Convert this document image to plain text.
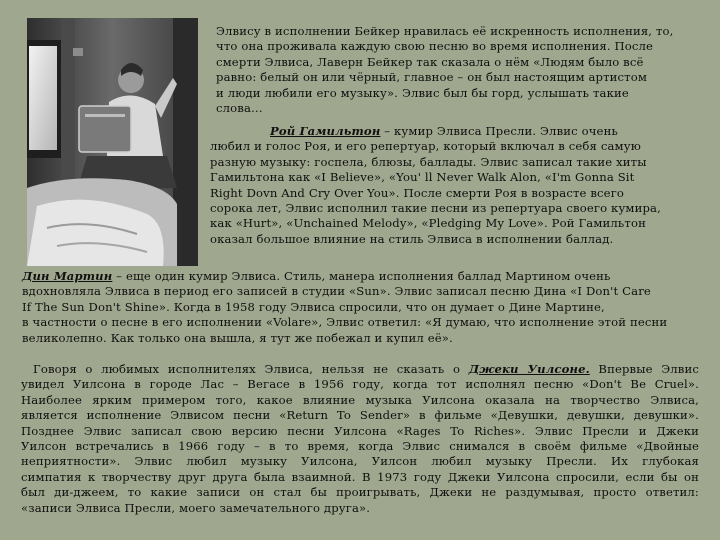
Элвису в исполнении Бейкер нравилась её искренность исполнения, то,
что она проживала каждую свою песню во время исполнения. После
смерти Элвиса, Лаверн Бейкер так сказала о нём «Людям было всё
равно: белый он или чёрный, главное – он был настоящим артистом
и люди любили его музыку». Элвис был бы горд, услышать такие
слова…
Рой Гамильтон – кумир Элвиса Пресли. Элвис очень
любил и голос Роя, и его репертуар, который включал в себя самую
разную музыку: госпела, блюзы, баллады. Элвис записал такие хиты
Гамильтона как «I Believe», «You' ll Never Walk Alon, «I'm Gonna Sit
Right Dovn And Cry Over You». После смерти Роя в возрасте всего
сорока лет, Элвис исполнил такие песни из репертуара своего кумира,
как «Hurt», «Unchained Melody», «Pledging My Love». Рой Гамильтон
оказал большое влияние на стиль Элвиса в исполнении баллад.
Дин Мартин – еще один кумир Элвиса. Стиль, манера исполнения баллад Мартином очень
вдохновляла Элвиса в период его записей в студии «Sun». Элвис записал песню Дина «I Don't Care
If The Sun Don't Shine». Когда в 1958 году Элвиса спросили, что он думает о Дине Мартине,
в частности о песне в его исполнении «Volare», Элвис ответил: «Я думаю, что исполнение этой песни
великолепно. Как только она вышла, я тут же побежал и купил её».
Говоря о любимых исполнителях Элвиса, нельзя не сказать о Джеки Уилсоне. Впервые Элвис
увидел Уилсона в городе Лас – Вегасе в 1956 году, когда тот исполнял песню «Don't Be Cruel».
Наиболее ярким примером того, какое влияние музыка Уилсона оказала на творчество Элвиса,
является исполнение Элвисом песни «Return To Sender» в фильме «Девушки, девушки, девушки».
Позднее Элвис записал свою версию песни Уилсона «Rages To Riches». Элвис Пресли и Джеки
Уилсон встречались в 1966 году – в то время, когда Элвис снимался в своём фильме «Двойные
неприятности». Элвис любил музыку Уилсона, Уилсон любил музыку Пресли. Их глубокая
симпатия к творчеству друг друга была взаимной. В 1973 году Джеки Уилсона спросили, если бы он
был ди-джеем, то какие записи он стал бы проигрывать, Джеки не раздумывая, просто ответил:
«записи Элвиса Пресли, моего замечательного друга».
